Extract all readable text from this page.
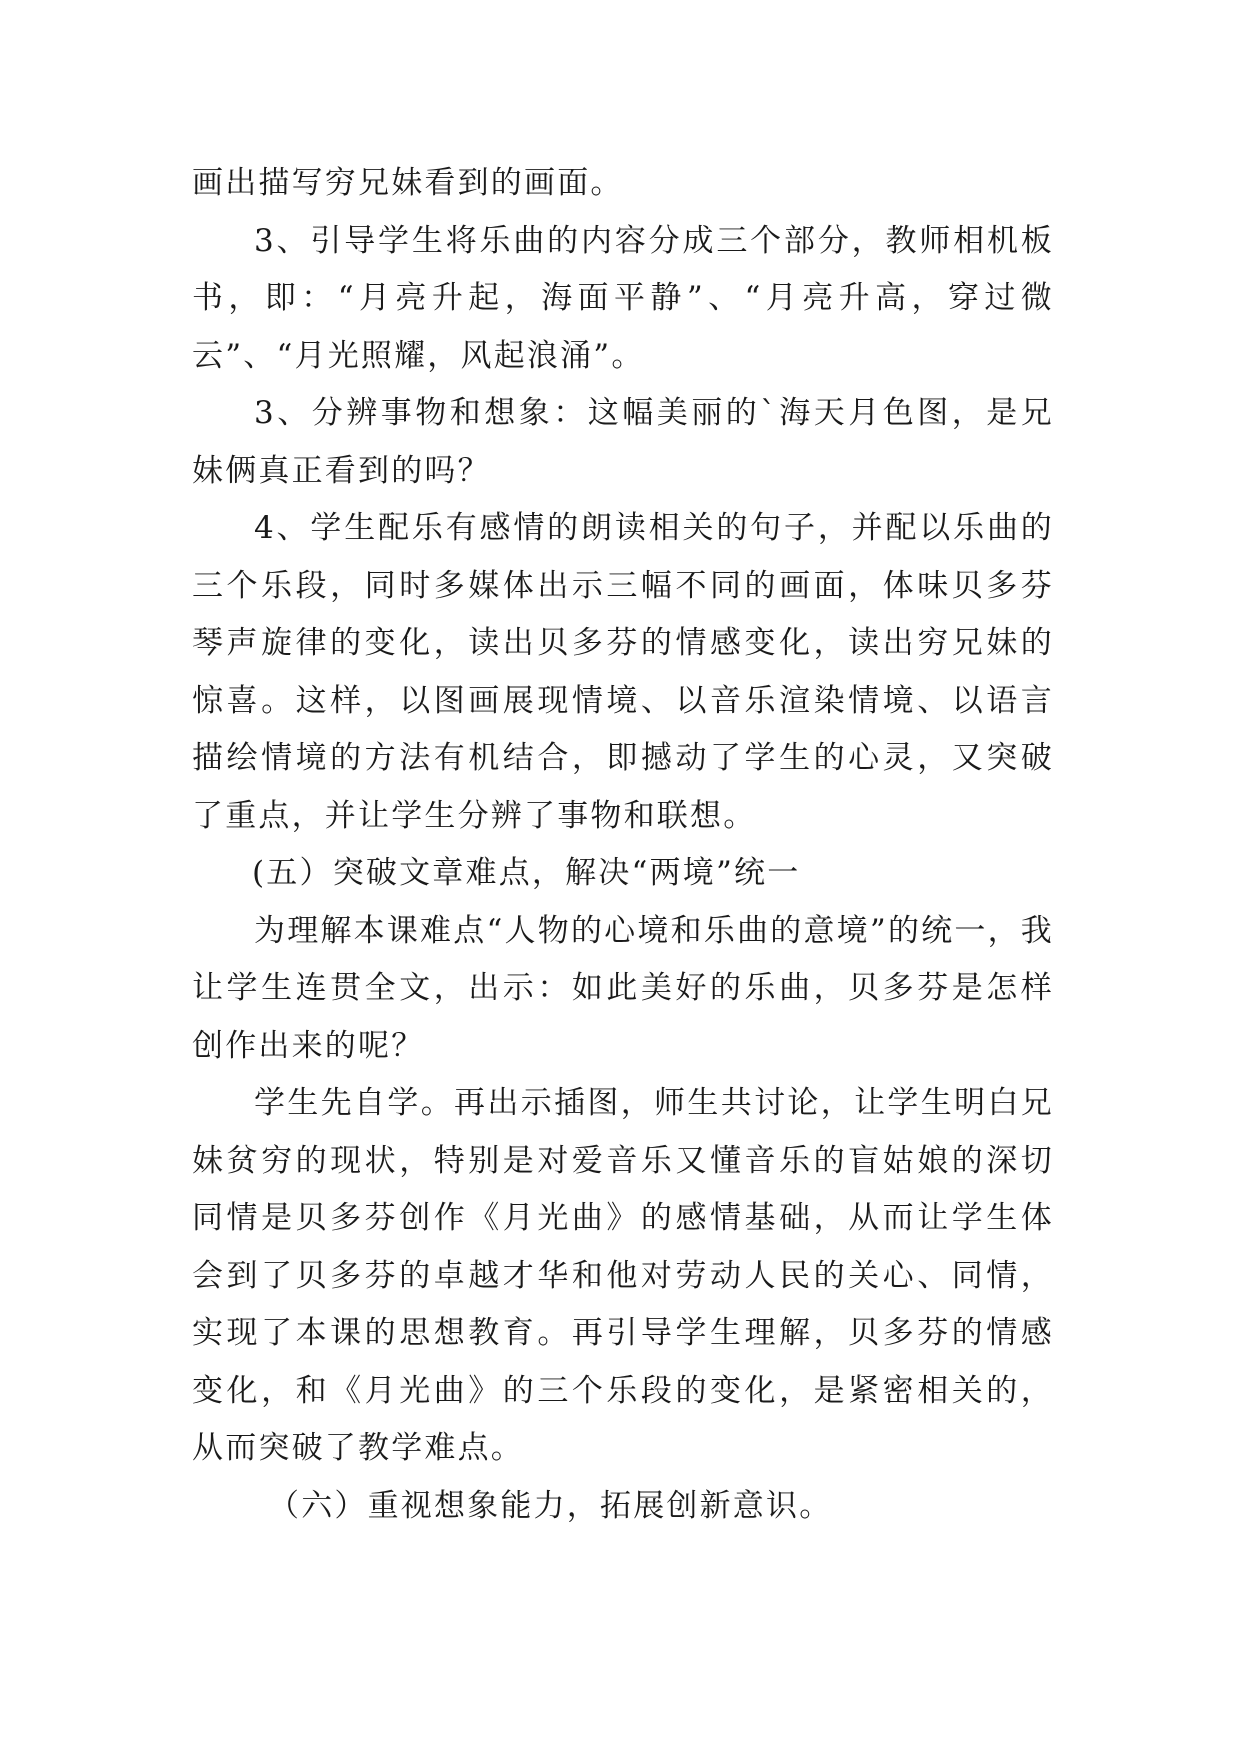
画出描写穷兄妹看到的画面。

3、引导学生将乐曲的内容分成三个部分，教师相机板书，即：“月亮升起，海面平静”、“月亮升高，穿过微云”、“月光照耀，风起浪涌”。

3、分辨事物和想象：这幅美丽的`海天月色图，是兄妹俩真正看到的吗？

4、学生配乐有感情的朗读相关的句子，并配以乐曲的三个乐段，同时多媒体出示三幅不同的画面，体味贝多芬琴声旋律的变化，读出贝多芬的情感变化，读出穷兄妹的惊喜。这样，以图画展现情境、以音乐渲染情境、以语言描绘情境的方法有机结合，即撼动了学生的心灵，又突破了重点，并让学生分辨了事物和联想。

(五）突破文章难点，解决“两境”统一

为理解本课难点“人物的心境和乐曲的意境”的统一，我让学生连贯全文，出示：如此美好的乐曲，贝多芬是怎样创作出来的呢？

学生先自学。再出示插图，师生共讨论，让学生明白兄妹贫穷的现状，特别是对爱音乐又懂音乐的盲姑娘的深切同情是贝多芬创作《月光曲》的感情基础，从而让学生体会到了贝多芬的卓越才华和他对劳动人民的关心、同情，实现了本课的思想教育。再引导学生理解，贝多芬的情感变化，和《月光曲》的三个乐段的变化，是紧密相关的，从而突破了教学难点。

（六）重视想象能力，拓展创新意识。
